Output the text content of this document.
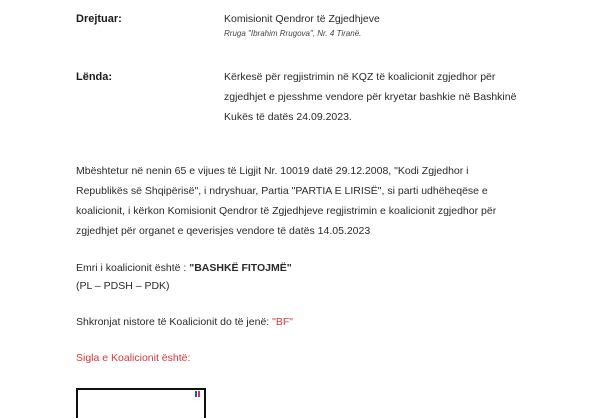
Drejtuar:	Komisionit Qendror të Zgjedhjeve
Rruga "Ibrahim Rrugova", Nr. 4 Tiranë.
Lënda:	Kërkesë për regjistrimin në KQZ të koalicionit zgjedhor për
zgjedhjet e pjesshme vendore për kryetar bashkie në Bashkinë
Kukës të datës 24.09.2023.
Mbështetur në nenin 65 e vijues të Ligjit Nr. 10019 datë 29.12.2008, "Kodi Zgjedhor i
Republikës së Shqipërisë", i ndryshuar, Partia "PARTIA E LIRISË", si parti udhëheqëse e
koalicionit, i kërkon Komisionit Qendror të Zgjedhjeve regjistrimin e koalicionit zgjedhor për
zgjedhjet për organet e qeverisjes vendore të datës 14.05.2023
Emri i koalicionit është : "BASHKË FITOJMË"
(PL – PDSH – PDK)
Shkronjat nistore të Koalicionit do të jenë: "BF"
Sigla e Koalicionit është:
